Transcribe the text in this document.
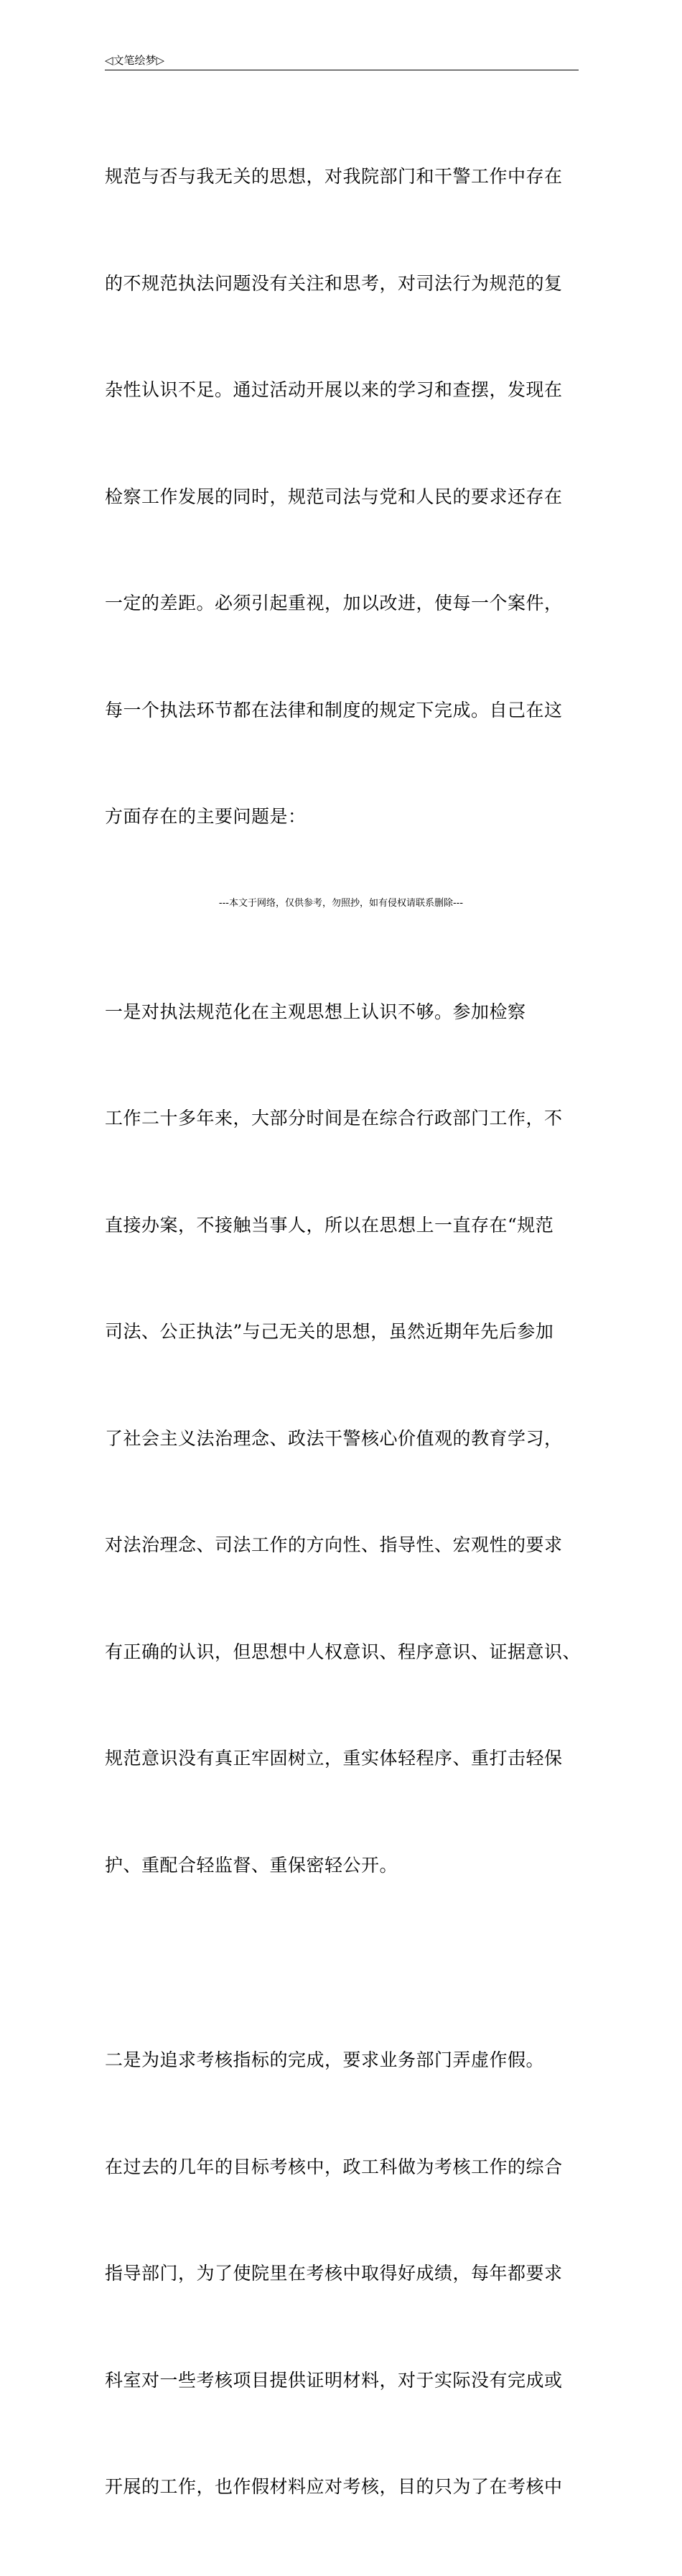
◁文笔绘梦▷

规范与否与我无关的思想，对我院部门和干警工作中存在

的不规范执法问题没有关注和思考，对司法行为规范的复

杂性认识不足。通过活动开展以来的学习和查摆，发现在

检察工作发展的同时，规范司法与党和人民的要求还存在

一定的差距。必须引起重视，加以改进，使每一个案件，

每一个执法环节都在法律和制度的规定下完成。自己在这

方面存在的主要问题是：

一是对执法规范化在主观思想上认识不够。参加检察

工作二十多年来，大部分时间是在综合行政部门工作，不

直接办案，不接触当事人，所以在思想上一直存在“规范

司法、公正执法”与己无关的思想，虽然近期年先后参加

了社会主义法治理念、政法干警核心价值观的教育学习，

对法治理念、司法工作的方向性、指导性、宏观性的要求

有正确的认识，但思想中人权意识、程序意识、证据意识、

规范意识没有真正牢固树立，重实体轻程序、重打击轻保

护、重配合轻监督、重保密轻公开。

二是为追求考核指标的完成，要求业务部门弄虚作假。

在过去的几年的目标考核中，政工科做为考核工作的综合

指导部门，为了使院里在考核中取得好成绩，每年都要求

科室对一些考核项目提供证明材料，对于实际没有完成或

开展的工作，也作假材料应对考核，目的只为了在考核中

---本文于网络，仅供参考，勿照抄，如有侵权请联系删除---
